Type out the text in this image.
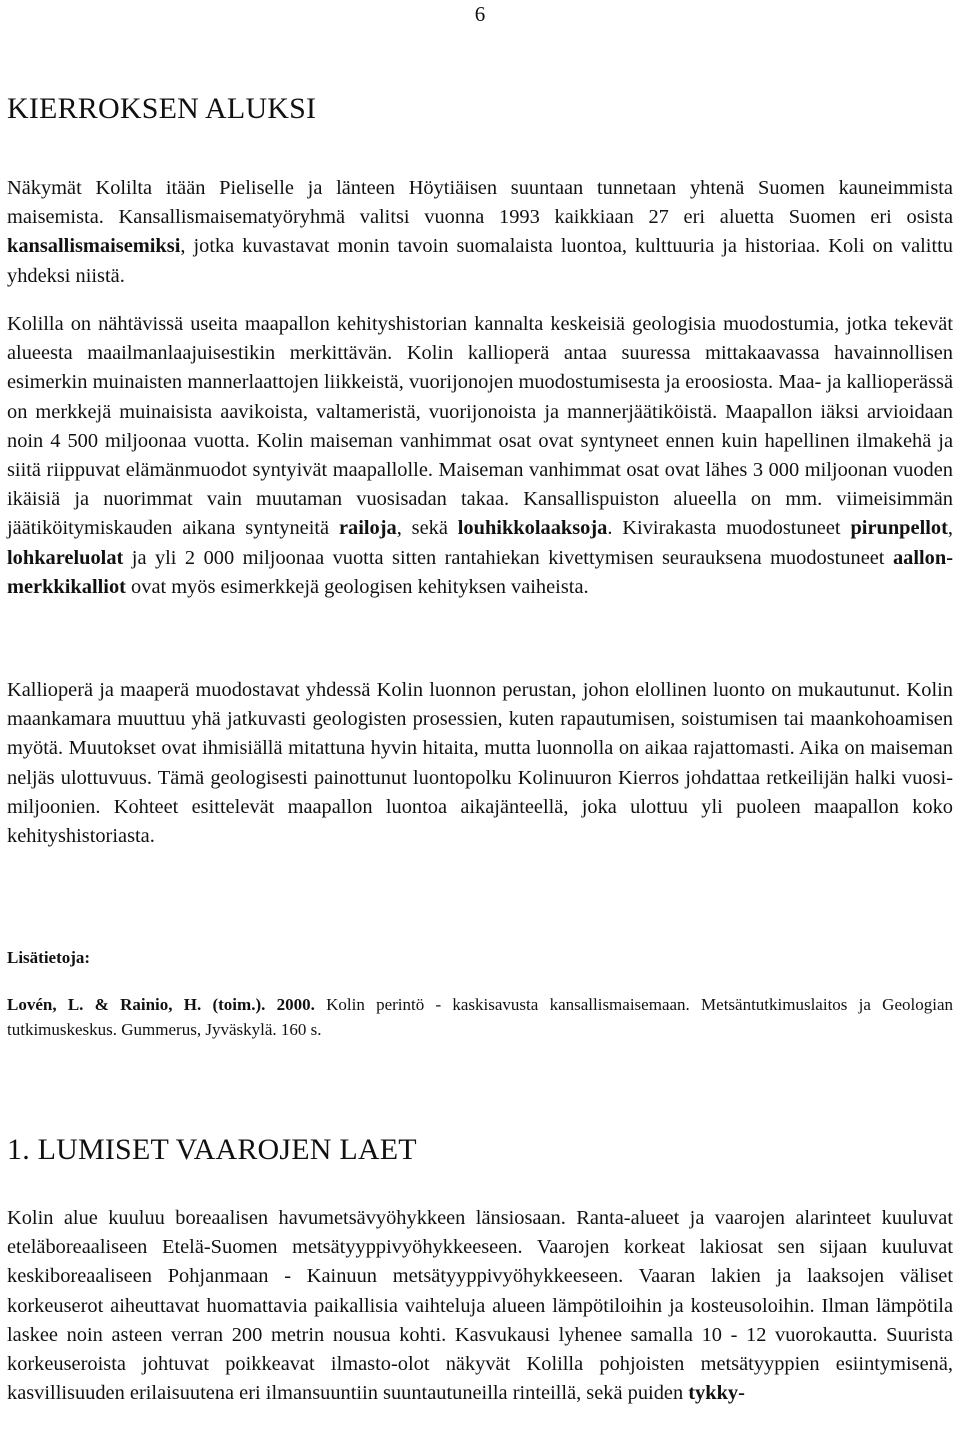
6
KIERROKSEN ALUKSI

Näkymät Kolilta itään Pieliselle ja länteen Höytiäisen suuntaan tunnetaan yhtenä Suomen kauneimmista maisemista. Kansallismaisematyöryhmä valitsi vuonna 1993 kaikkiaan 27 eri aluetta Suomen eri osista kansallismaisemiksi, jotka kuvastavat monin tavoin suomalaista luontoa, kulttuuria ja historiaa. Koli on valittu yhdeksi niistä.

Kolilla on nähtävissä useita maapallon kehityshistorian kannalta keskeisiä geologisia muodostumia, jotka tekevät alueesta maailmanlaajuisestikin merkittävän. Kolin kallioperä antaa suuressa mittakaavassa havainnollisen esimerkin muinaisten mannerlaattojen liikkeistä, vuorijonojen muodostumisesta ja eroosiosta. Maa- ja kallioperässä on merkkejä muinaisista aavikoista, valtameristä, vuorijonoista ja mannerjäätiköistä. Maapallon iäksi arvioidaan noin 4 500 miljoonaa vuotta. Kolin maiseman vanhimmat osat ovat syntyneet ennen kuin hapellinen ilmakehä ja siitä riippuvat elämänmuodot syntyivät maapallolle. Maiseman vanhimmat osat ovat lähes 3 000 miljoonan vuoden ikäisiä ja nuorimmat vain muutaman vuosisadan takaa. Kansallispuiston alueella on mm. viimeisimmän jäätiköitymiskauden aikana syntyneitä railoja, sekä louhikkolaaksoja. Kivirakasta muodostuneet pirunpellot, lohkareluolat ja yli 2 000 miljoonaa vuotta sitten rantahiekan kivettymisen seurauksena muodostuneet aallonmerkkikalliot ovat myös esimerkkejä geologisen kehityksen vaiheista.

Kallioperä ja maaperä muodostavat yhdessä Kolin luonnon perustan, johon elollinen luonto on mukautunut. Kolin maankamara muuttuu yhä jatkuvasti geologisten prosessien, kuten rapautumisen, soistumisen tai maankohoamisen myötä. Muutokset ovat ihmisiällä mitattuna hyvin hitaita, mutta luonnolla on aikaa rajattomasti. Aika on maiseman neljäs ulottuvuus. Tämä geologisesti painottunut luontopolku Kolinuuron Kierros johdattaa retkeilijän halki vuosimiljoonien. Kohteet esittelevät maapallon luontoa aikajänteellä, joka ulottuu yli puoleen maapallon koko kehityshistoriasta.

Lisätietoja:

Lovén, L. & Rainio, H. (toim.). 2000. Kolin perintö - kaskisavusta kansallismaisemaan. Metsäntutkimuslaitos ja Geologian tutkimuskeskus. Gummerus, Jyväskylä. 160 s.

1. LUMISET VAAROJEN LAET

Kolin alue kuuluu boreaalisen havumetsävyöhykkeen länsiosaan. Ranta-alueet ja vaarojen alarinteet kuuluvat eteläboreaaliseen Etelä-Suomen metsätyyppivyöhykkeeseen. Vaarojen korkeat lakiosat sen sijaan kuuluvat keskiboreaaliseen Pohjanmaan - Kainuun metsätyyppivyöhykkeeseen. Vaaran lakien ja laaksojen väliset korkeuserot aiheuttavat huomattavia paikallisia vaihteluja alueen lämpötiloihin ja kosteusoloihin. Ilman lämpötila laskee noin asteen verran 200 metrin nousua kohti. Kasvukausi lyhenee samalla 10 - 12 vuorokautta. Suurista korkeuseroista johtuvat poikkeavat ilmasto-olot näkyvät Kolilla pohjoisten metsätyyppien esiintymisenä, kasvillisuuden erilaisuutena eri ilmansuuntiin suuntautuneilla rinteillä, sekä puiden tykky-
